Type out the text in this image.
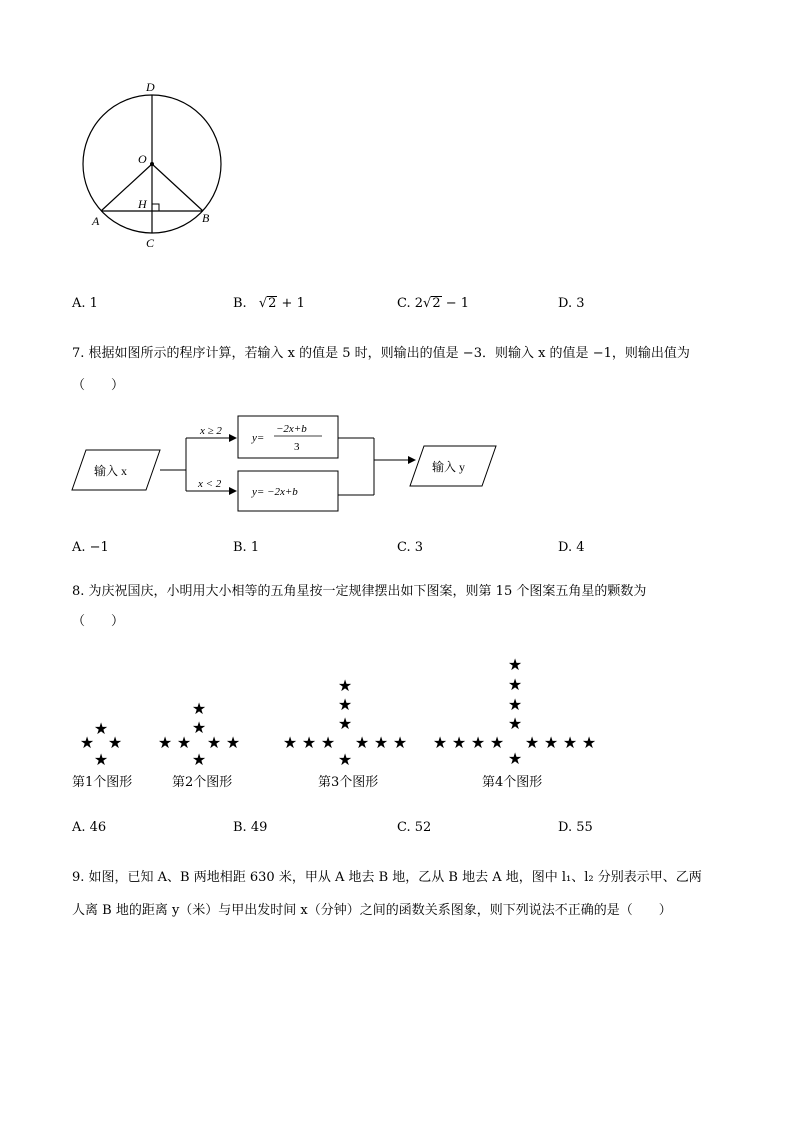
D
O
H
A	B
C
A. 1	B. √2 + 1	C. 2√2 − 1	D. 3
7. 根据如图所示的程序计算，若输入 x 的值是 5 时，则输出的值是 −3．则输入 x 的值是 −1，则输出值为
（　　）
输入 x
x ≥ 2
x < 2
y=
−2x+b
3
y= −2x+b
输入 y
A. −1	B. 1	C. 3	D. 4
8. 为庆祝国庆，小明用大小相等的五角星按一定规律摆出如下图案，则第 15 个图案五角星的颗数为
（　　）
★
★ ★
★
★
★
★ ★ ★ ★
★
★
★
★
★ ★ ★ ★ ★ ★
★
★
★
★
★
★ ★ ★ ★ ★ ★ ★ ★
★
第1个图形	第2个图形	第3个图形	第4个图形
A. 46	B. 49	C. 52	D. 55
9. 如图，已知 A、B 两地相距 630 米，甲从 A 地去 B 地，乙从 B 地去 A 地，图中 l₁、l₂ 分别表示甲、乙两
人离 B 地的距离 y（米）与甲出发时间 x（分钟）之间的函数关系图象，则下列说法不正确的是（　　）
